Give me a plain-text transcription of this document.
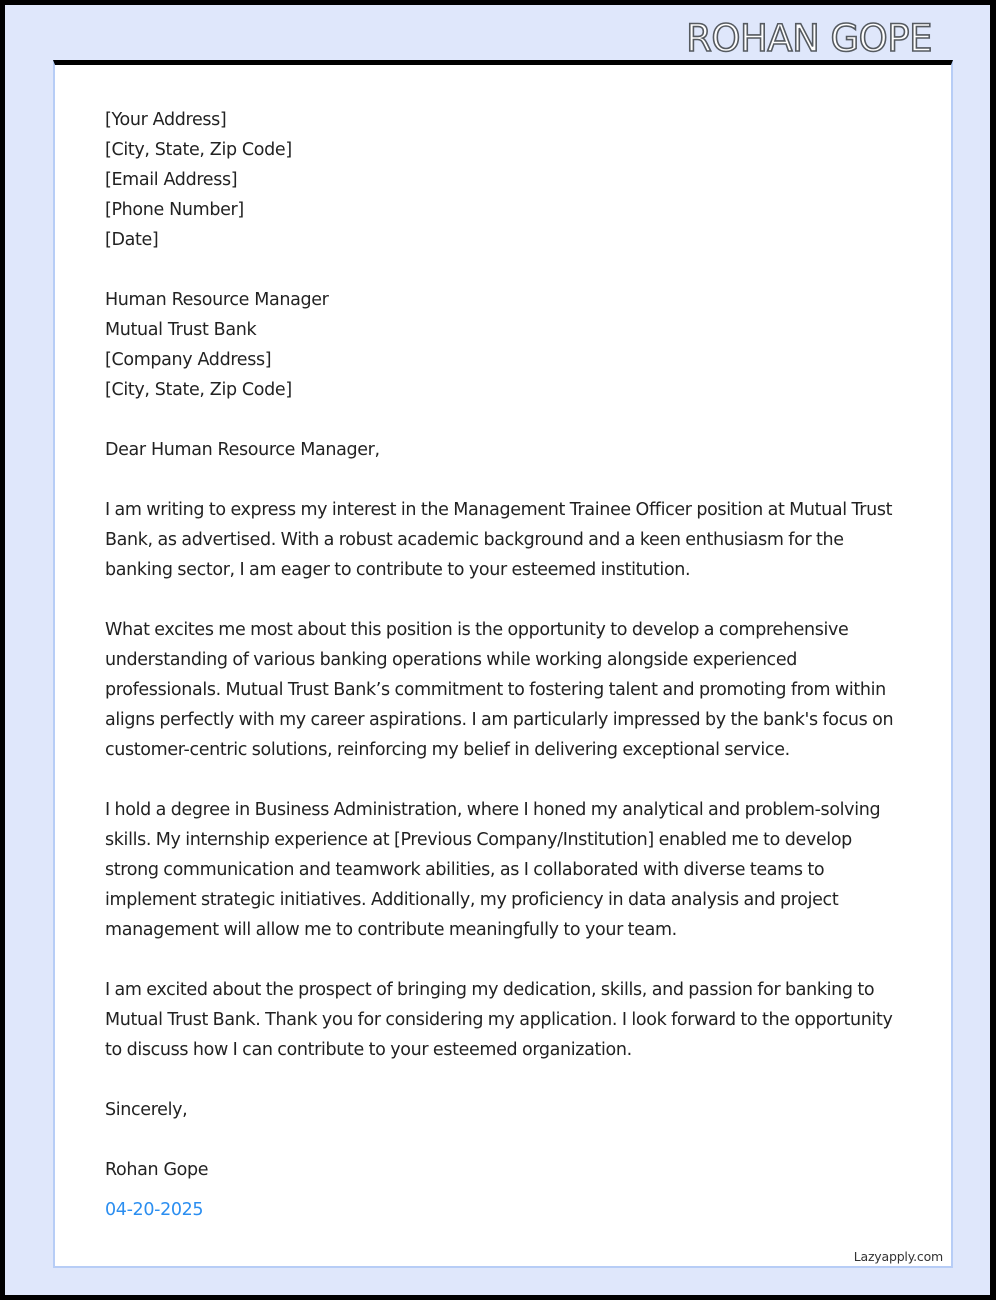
ROHAN GOPE
[Your Address]
[City, State, Zip Code]
[Email Address]
[Phone Number]
[Date]
Human Resource Manager
Mutual Trust Bank
[Company Address]
[City, State, Zip Code]
Dear Human Resource Manager,

I am writing to express my interest in the Management Trainee Officer position at Mutual Trust Bank, as advertised. With a robust academic background and a keen enthusiasm for the banking sector, I am eager to contribute to your esteemed institution.

What excites me most about this position is the opportunity to develop a comprehensive understanding of various banking operations while working alongside experienced professionals. Mutual Trust Bank’s commitment to fostering talent and promoting from within aligns perfectly with my career aspirations. I am particularly impressed by the bank's focus on customer-centric solutions, reinforcing my belief in delivering exceptional service.

I hold a degree in Business Administration, where I honed my analytical and problem-solving skills. My internship experience at [Previous Company/Institution] enabled me to develop strong communication and teamwork abilities, as I collaborated with diverse teams to implement strategic initiatives. Additionally, my proficiency in data analysis and project management will allow me to contribute meaningfully to your team.

I am excited about the prospect of bringing my dedication, skills, and passion for banking to Mutual Trust Bank. Thank you for considering my application. I look forward to the opportunity to discuss how I can contribute to your esteemed organization.

Sincerely,
Rohan Gope
04-20-2025
Lazyapply.com
